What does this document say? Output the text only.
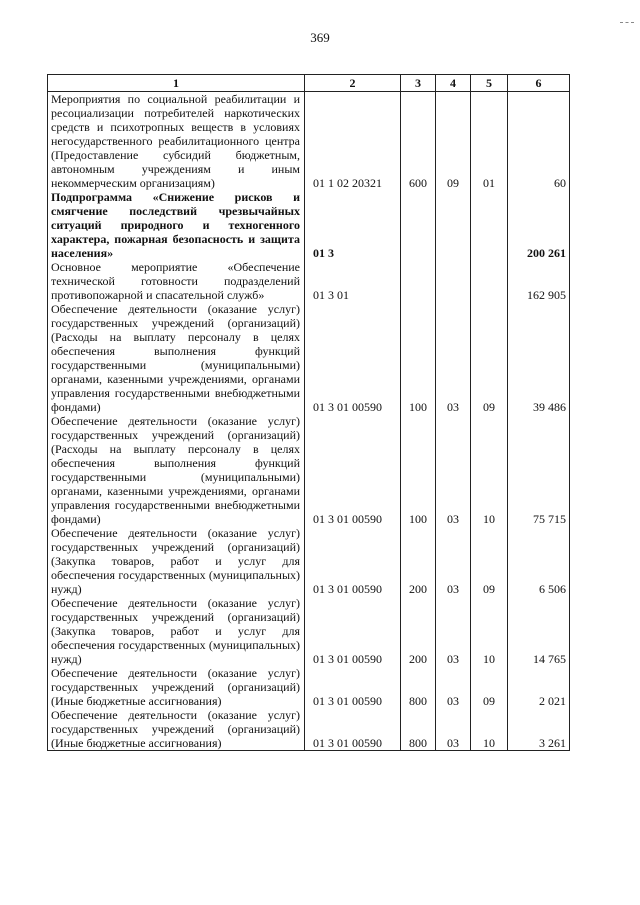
369
1	2	3	4	5	6
Мероприятия по социальной реабилитации и ресоциализации потребителей наркотических средств и психотропных веществ в условиях негосударственного реабилитационного центра (Предоставление субсидий бюджетным, автономным учреждениям и иным некоммерческим организациям)	01 1 02 20321	600	09	01	60
Подпрограмма «Снижение рисков и смягчение последствий чрезвычайных ситуаций природного и техногенного характера, пожарная безопасность и защита населения»	01 3				200 261
Основное мероприятие «Обеспечение технической готовности подразделений противопожарной и спасательной служб»	01 3 01				162 905
Обеспечение деятельности (оказание услуг) государственных учреждений (организаций) (Расходы на выплату персоналу в целях обеспечения выполнения функций государственными (муниципальными) органами, казенными учреждениями, органами управления государственными внебюджетными фондами)	01 3 01 00590	100	03	09	39 486
Обеспечение деятельности (оказание услуг) государственных учреждений (организаций) (Расходы на выплату персоналу в целях обеспечения выполнения функций государственными (муниципальными) органами, казенными учреждениями, органами управления государственными внебюджетными фондами)	01 3 01 00590	100	03	10	75 715
Обеспечение деятельности (оказание услуг) государственных учреждений (организаций) (Закупка товаров, работ и услуг для обеспечения государственных (муниципальных) нужд)	01 3 01 00590	200	03	09	6 506
Обеспечение деятельности (оказание услуг) государственных учреждений (организаций) (Закупка товаров, работ и услуг для обеспечения государственных (муниципальных) нужд)	01 3 01 00590	200	03	10	14 765
Обеспечение деятельности (оказание услуг) государственных учреждений (организаций) (Иные бюджетные ассигнования)	01 3 01 00590	800	03	09	2 021
Обеспечение деятельности (оказание услуг) государственных учреждений (организаций) (Иные бюджетные ассигнования)	01 3 01 00590	800	03	10	3 261
